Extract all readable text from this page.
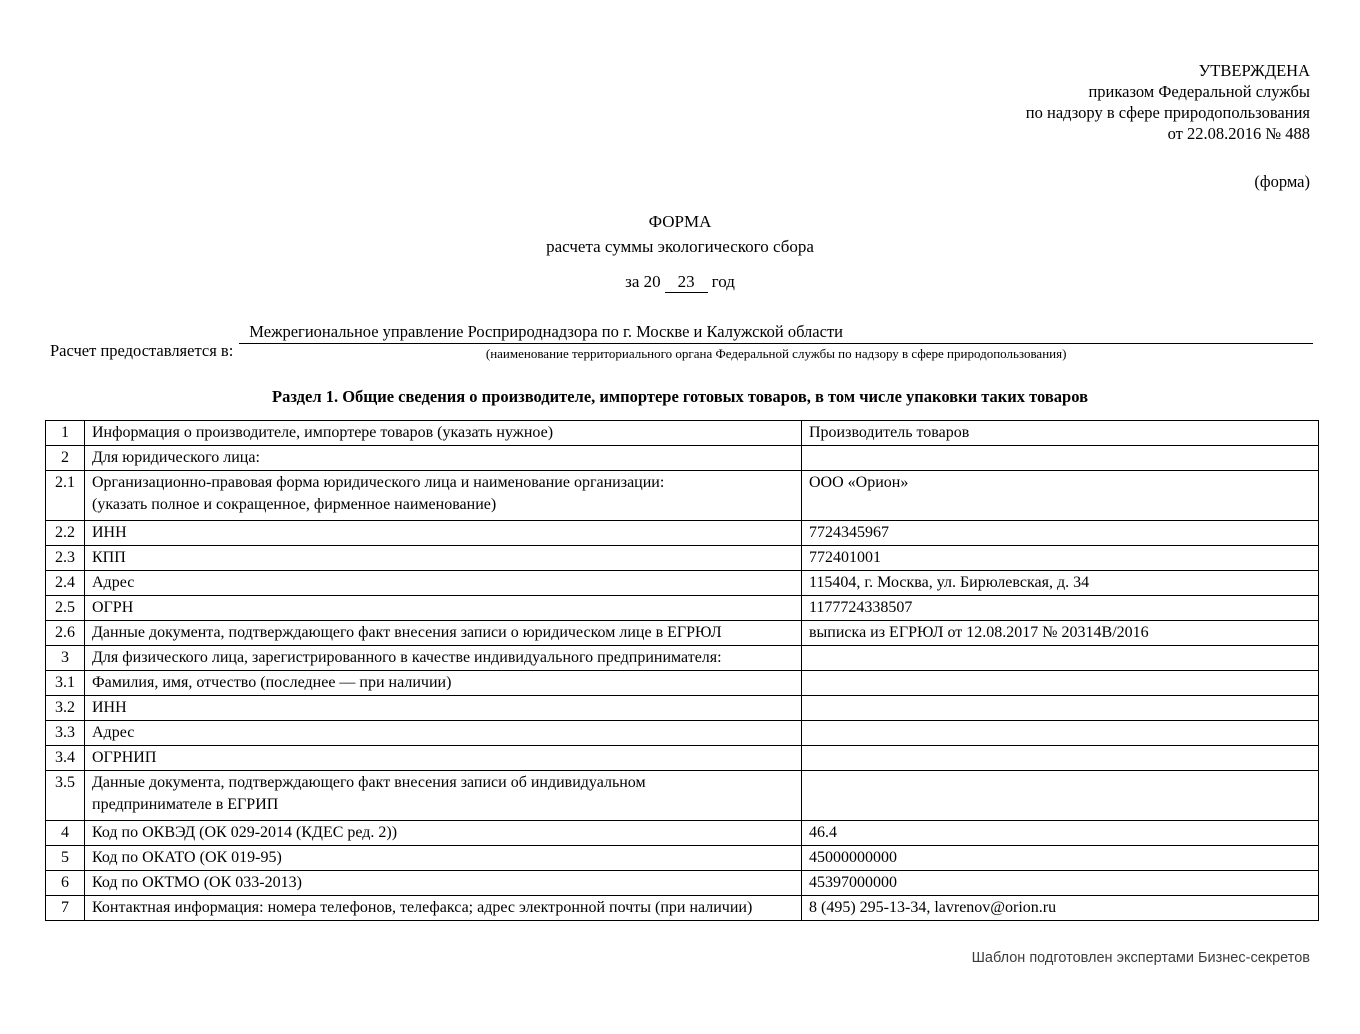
УТВЕРЖДЕНА
приказом Федеральной службы
по надзору в сфере природопользования
от 22.08.2016 № 488
(форма)
ФОРМА
расчета суммы экологического сбора
за 20 23 год
Расчет предоставляется в:
Межрегиональное управление Росприроднадзора по г. Москве и Калужской области
(наименование территориального органа Федеральной службы по надзору в сфере природопользования)
Раздел 1. Общие сведения о производителе, импортере готовых товаров, в том числе упаковки таких товаров
1	Информация о производителе, импортере товаров (указать нужное)	Производитель товаров
2	Для юридического лица:	
2.1	Организационно-правовая форма юридического лица и наименование организации:
(указать полное и сокращенное, фирменное наименование)	ООО «Орион»
2.2	ИНН	7724345967
2.3	КПП	772401001
2.4	Адрес	115404, г. Москва, ул. Бирюлевская, д. 34
2.5	ОГРН	1177724338507
2.6	Данные документа, подтверждающего факт внесения записи о юридическом лице в ЕГРЮЛ	выписка из ЕГРЮЛ от 12.08.2017 № 20314В/2016
3	Для физического лица, зарегистрированного в качестве индивидуального предпринимателя:	
3.1	Фамилия, имя, отчество (последнее — при наличии)	
3.2	ИНН	
3.3	Адрес	
3.4	ОГРНИП	
3.5	Данные документа, подтверждающего факт внесения записи об индивидуальном
предпринимателе в ЕГРИП	

4	Код по ОКВЭД (ОК 029-2014 (КДЕС ред. 2))	46.4
5	Код по ОКАТО (ОК 019-95)	45000000000
6	Код по ОКТМО (ОК 033-2013)	45397000000
7	Контактная информация: номера телефонов, телефакса; адрес электронной почты (при наличии)	8 (495) 295-13-34, lavrenov@orion.ru
Шаблон подготовлен экспертами Бизнес-секретов
